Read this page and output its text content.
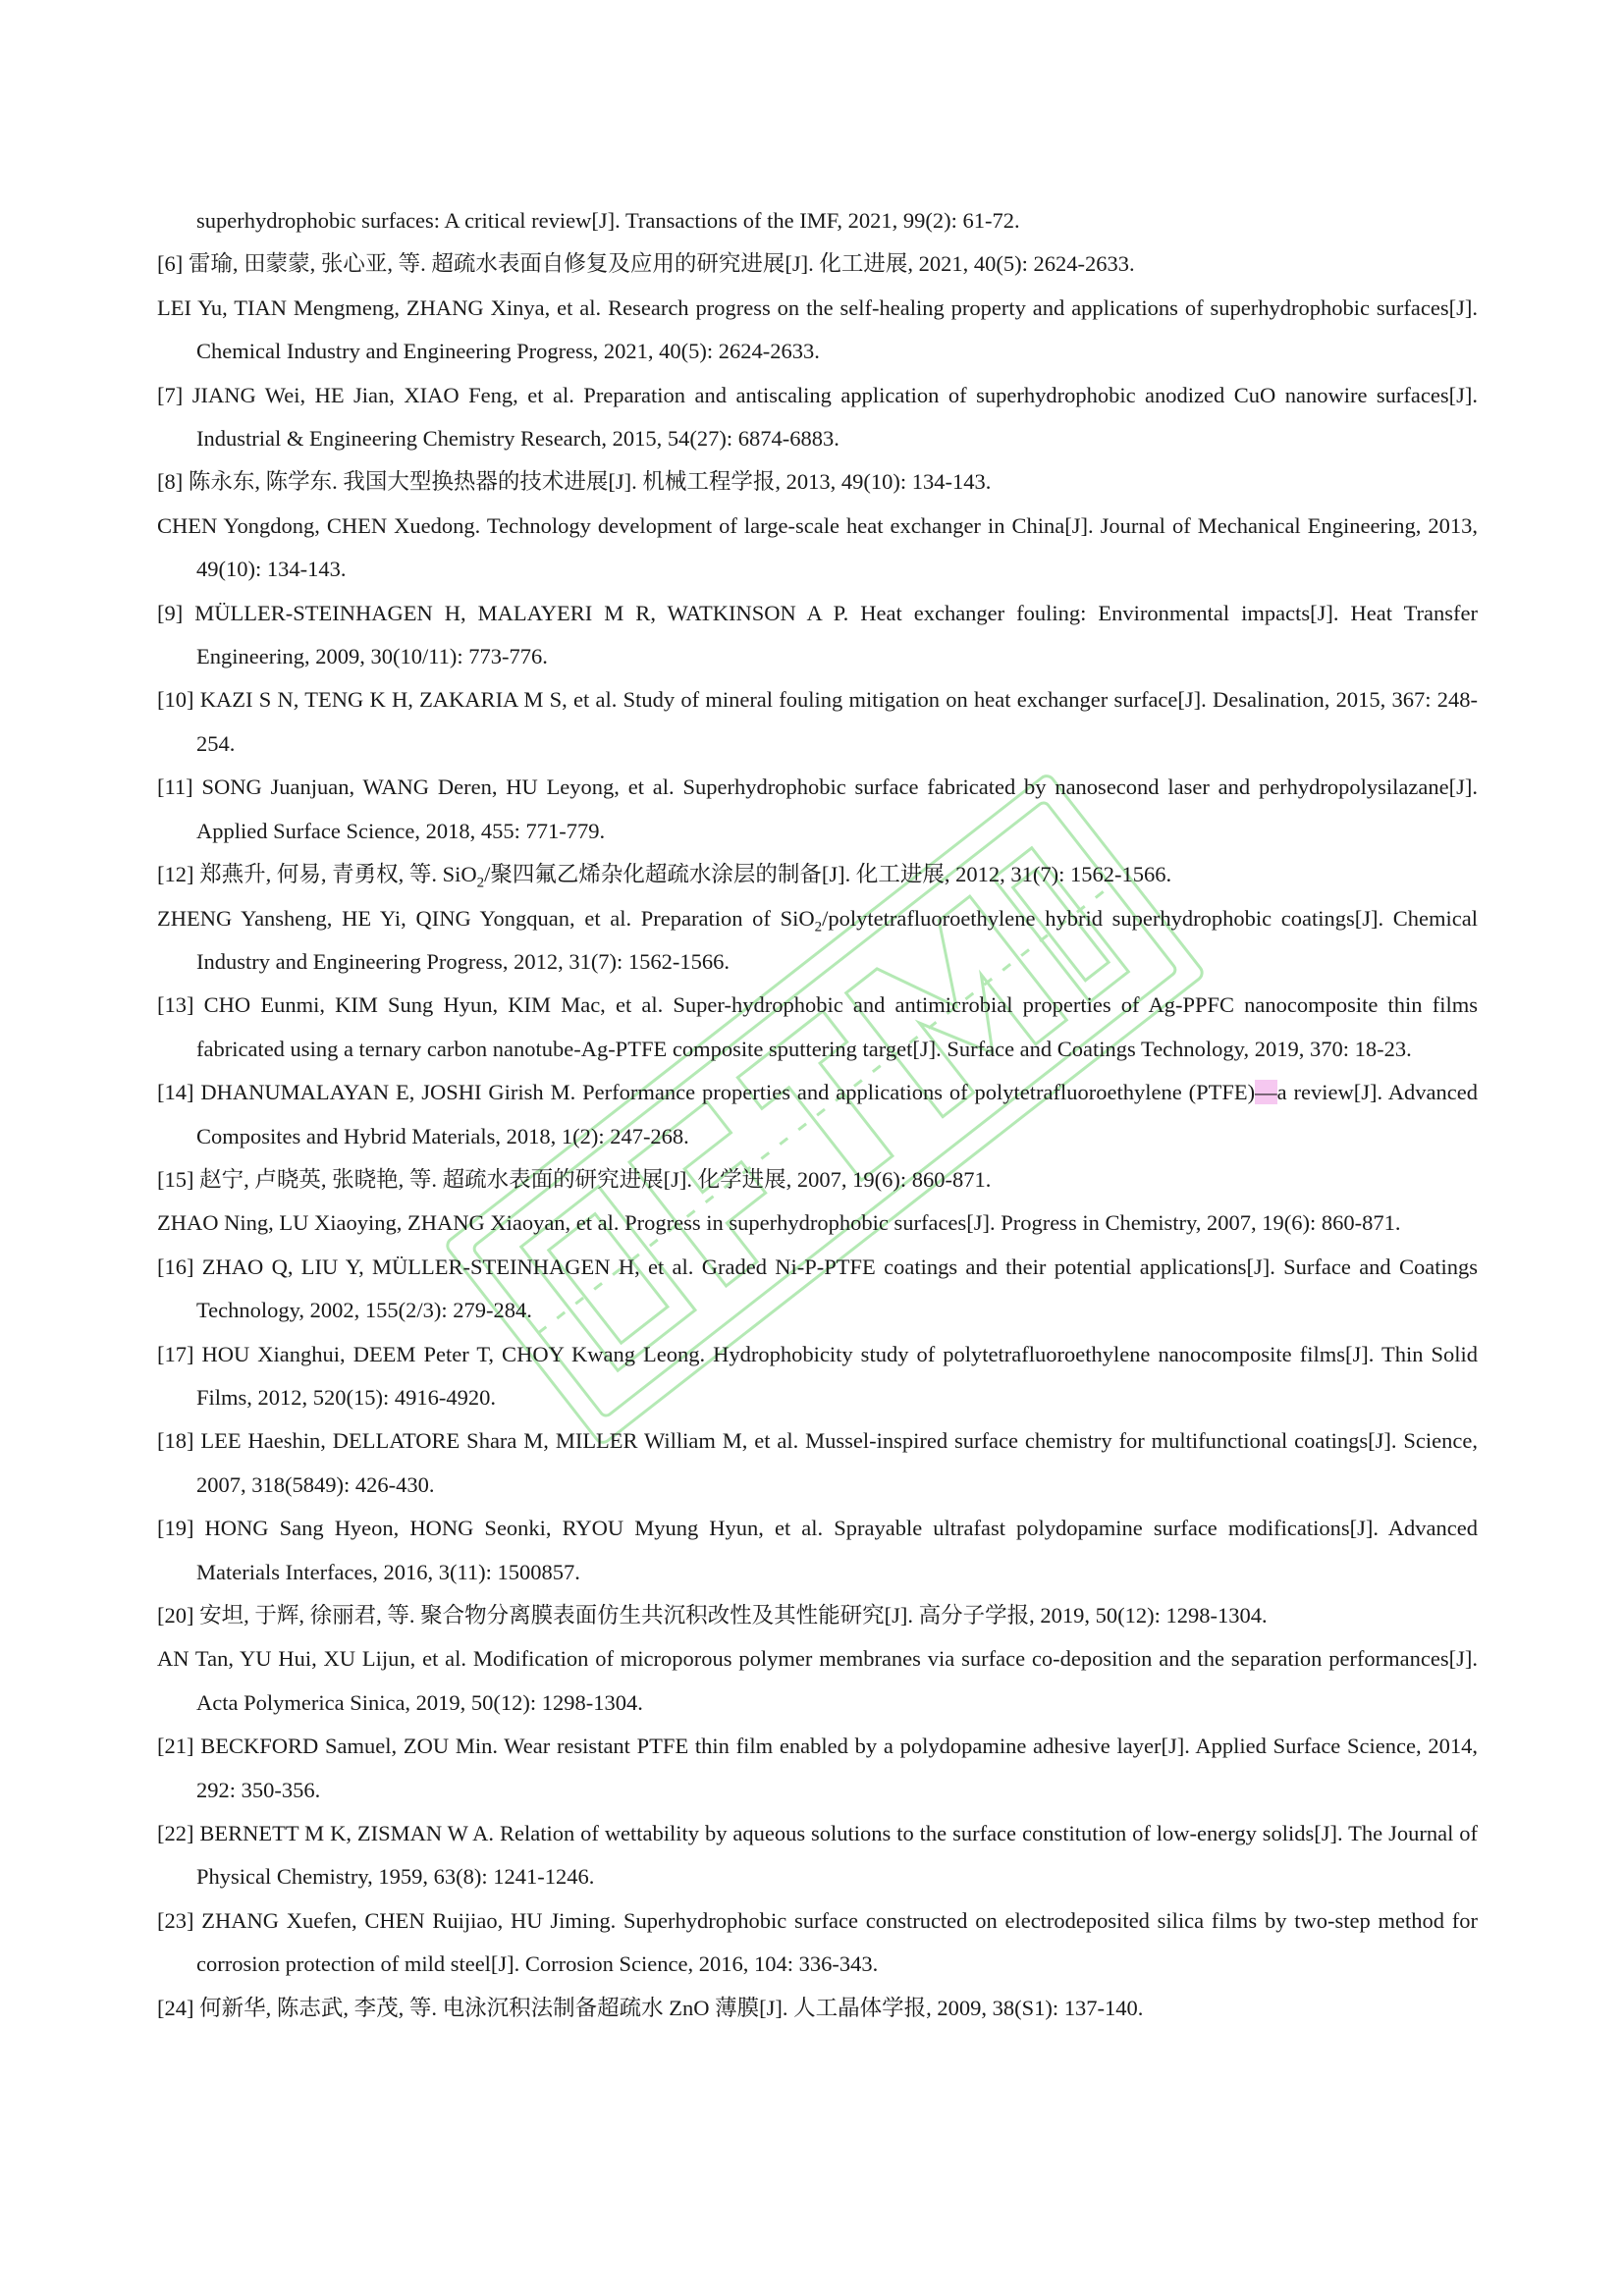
superhydrophobic surfaces: A critical review[J]. Transactions of the IMF, 2021, 99(2): 61-72.
[6] 雷瑜, 田蒙蒙, 张心亚, 等. 超疏水表面自修复及应用的研究进展[J]. 化工进展, 2021, 40(5): 2624-2633.
LEI Yu, TIAN Mengmeng, ZHANG Xinya, et al. Research progress on the self-healing property and applications of superhydrophobic surfaces[J]. Chemical Industry and Engineering Progress, 2021, 40(5): 2624-2633.
[7] JIANG Wei, HE Jian, XIAO Feng, et al. Preparation and antiscaling application of superhydrophobic anodized CuO nanowire surfaces[J]. Industrial & Engineering Chemistry Research, 2015, 54(27): 6874-6883.
[8] 陈永东, 陈学东. 我国大型换热器的技术进展[J]. 机械工程学报, 2013, 49(10): 134-143.
CHEN Yongdong, CHEN Xuedong. Technology development of large-scale heat exchanger in China[J]. Journal of Mechanical Engineering, 2013, 49(10): 134-143.
[9] MÜLLER-STEINHAGEN H, MALAYERI M R, WATKINSON A P. Heat exchanger fouling: Environmental impacts[J]. Heat Transfer Engineering, 2009, 30(10/11): 773-776.
[10] KAZI S N, TENG K H, ZAKARIA M S, et al. Study of mineral fouling mitigation on heat exchanger surface[J]. Desalination, 2015, 367: 248-254.
[11] SONG Juanjuan, WANG Deren, HU Leyong, et al. Superhydrophobic surface fabricated by nanosecond laser and perhydropolysilazane[J]. Applied Surface Science, 2018, 455: 771-779.
[12] 郑燕升, 何易, 青勇权, 等. SiO$_2$/聚四氟乙烯杂化超疏水涂层的制备[J]. 化工进展, 2012, 31(7): 1562-1566.
ZHENG Yansheng, HE Yi, QING Yongquan, et al. Preparation of SiO$_2$/polytetrafluoroethylene hybrid superhydrophobic coatings[J]. Chemical Industry and Engineering Progress, 2012, 31(7): 1562-1566.
[13] CHO Eunmi, KIM Sung Hyun, KIM Mac, et al. Super-hydrophobic and antimicrobial properties of Ag-PPFC nanocomposite thin films fabricated using a ternary carbon nanotube-Ag-PTFE composite sputtering target[J]. Surface and Coatings Technology, 2019, 370: 18-23.
[14] DHANUMALAYAN E, JOSHI Girish M. Performance properties and applications of polytetrafluoroethylene (PTFE)—a review[J]. Advanced Composites and Hybrid Materials, 2018, 1(2): 247-268.
[15] 赵宁, 卢晓英, 张晓艳, 等. 超疏水表面的研究进展[J]. 化学进展, 2007, 19(6): 860-871.
ZHAO Ning, LU Xiaoying, ZHANG Xiaoyan, et al. Progress in superhydrophobic surfaces[J]. Progress in Chemistry, 2007, 19(6): 860-871.
[16] ZHAO Q, LIU Y, MÜLLER-STEINHAGEN H, et al. Graded Ni-P-PTFE coatings and their potential applications[J]. Surface and Coatings Technology, 2002, 155(2/3): 279-284.
[17] HOU Xianghui, DEEM Peter T, CHOY Kwang Leong. Hydrophobicity study of polytetrafluoroethylene nanocomposite films[J]. Thin Solid Films, 2012, 520(15): 4916-4920.
[18] LEE Haeshin, DELLATORE Shara M, MILLER William M, et al. Mussel-inspired surface chemistry for multifunctional coatings[J]. Science, 2007, 318(5849): 426-430.
[19] HONG Sang Hyeon, HONG Seonki, RYOU Myung Hyun, et al. Sprayable ultrafast polydopamine surface modifications[J]. Advanced Materials Interfaces, 2016, 3(11): 1500857.
[20] 安坦, 于辉, 徐丽君, 等. 聚合物分离膜表面仿生共沉积改性及其性能研究[J]. 高分子学报, 2019, 50(12): 1298-1304.
AN Tan, YU Hui, XU Lijun, et al. Modification of microporous polymer membranes via surface co-deposition and the separation performances[J]. Acta Polymerica Sinica, 2019, 50(12): 1298-1304.
[21] BECKFORD Samuel, ZOU Min. Wear resistant PTFE thin film enabled by a polydopamine adhesive layer[J]. Applied Surface Science, 2014, 292: 350-356.
[22] BERNETT M K, ZISMAN W A. Relation of wettability by aqueous solutions to the surface constitution of low-energy solids[J]. The Journal of Physical Chemistry, 1959, 63(8): 1241-1246.
[23] ZHANG Xuefen, CHEN Ruijiao, HU Jiming. Superhydrophobic surface constructed on electrodeposited silica films by two-step method for corrosion protection of mild steel[J]. Corrosion Science, 2016, 104: 336-343.
[24] 何新华, 陈志武, 李茂, 等. 电泳沉积法制备超疏水 ZnO 薄膜[J]. 人工晶体学报, 2009, 38(S1): 137-140.
